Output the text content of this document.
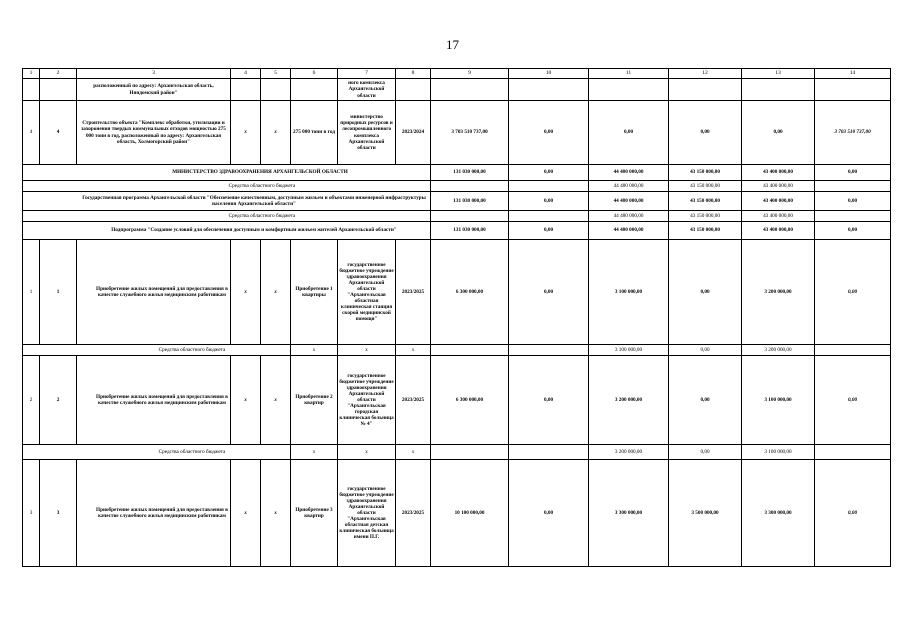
17
1	2	3	4	5	6	7	8	9	10	11	12	13	14
		расположенный по адресу: Архангельская область, Няндомский район"				ного комплекса Архангельской области							
4	4	Строительство объекта "Комплекс обработки, утилизации и захоронения твердых коммунальных отходов мощностью 275 000 тонн в год, расположенный по адресу: Архангельская область, Холмогорский район"	х	х	275 000 тонн в год	министерство природных ресурсов и лесопромышленного комплекса Архангельской области	2023/2024	3 703 510 737,00	0,00	0,00	0,00	0,00	3 703 510 737,00
МИНИСТЕРСТВО ЗДРАВООХРАНЕНИЯ АРХАНГЕЛЬСКОЙ ОБЛАСТИ								131 030 000,00	0,00	44 480 000,00	43 150 000,00	43 400 000,00	0,00
Средства областного бюджета										44 480 000,00	43 150 000,00	43 400 000,00	
Государственная программа Архангельской области "Обеспечение качественным, доступным жильем и объектами инженерной инфраструктуры населения Архангельской области"								131 030 000,00	0,00	44 480 000,00	43 150 000,00	43 400 000,00	0,00
Средства областного бюджета										44 480 000,00	43 150 000,00	43 400 000,00	
Подпрограмма "Создание условий для обеспечения доступным и комфортным жильем жителей Архангельской области"								131 030 000,00	0,00	44 480 000,00	43 150 000,00	43 400 000,00	0,00
1	1	Приобретение жилых помещений для предоставления в качестве служебного жилья медицинским работникам	х	х	Приобретение 1 квартиры	государственное бюджетное учреждение здравоохранения Архангельской области "Архангельская областная клиническая станция скорой медицинской помощи"	2023/2025	6 300 000,00	0,00	3 100 000,00	0,00	3 200 000,00	0,00
Средства областного бюджета					х	х	х			3 100 000,00	0,00	3 200 000,00	
2	2	Приобретение жилых помещений для предоставления в качестве служебного жилья медицинским работникам	х	х	Приобретение 2 квартир	государственное бюджетное учреждение здравоохранения Архангельской области "Архангельская городская клиническая больница № 4"	2023/2025	6 300 000,00	0,00	3 200 000,00	0,00	3 100 000,00	0,00
Средства областного бюджета					х	х	х			3 200 000,00	0,00	3 100 000,00	
3	3	Приобретение жилых помещений для предоставления в качестве служебного жилья медицинским работникам	х	х	Приобретение 3 квартир	государственное бюджетное учреждение здравоохранения Архангельской области "Архангельская областная детская клиническая больница имени П.Г.	2023/2025	10 100 000,00	0,00	3 300 000,00	3 500 000,00	3 300 000,00	0,00
